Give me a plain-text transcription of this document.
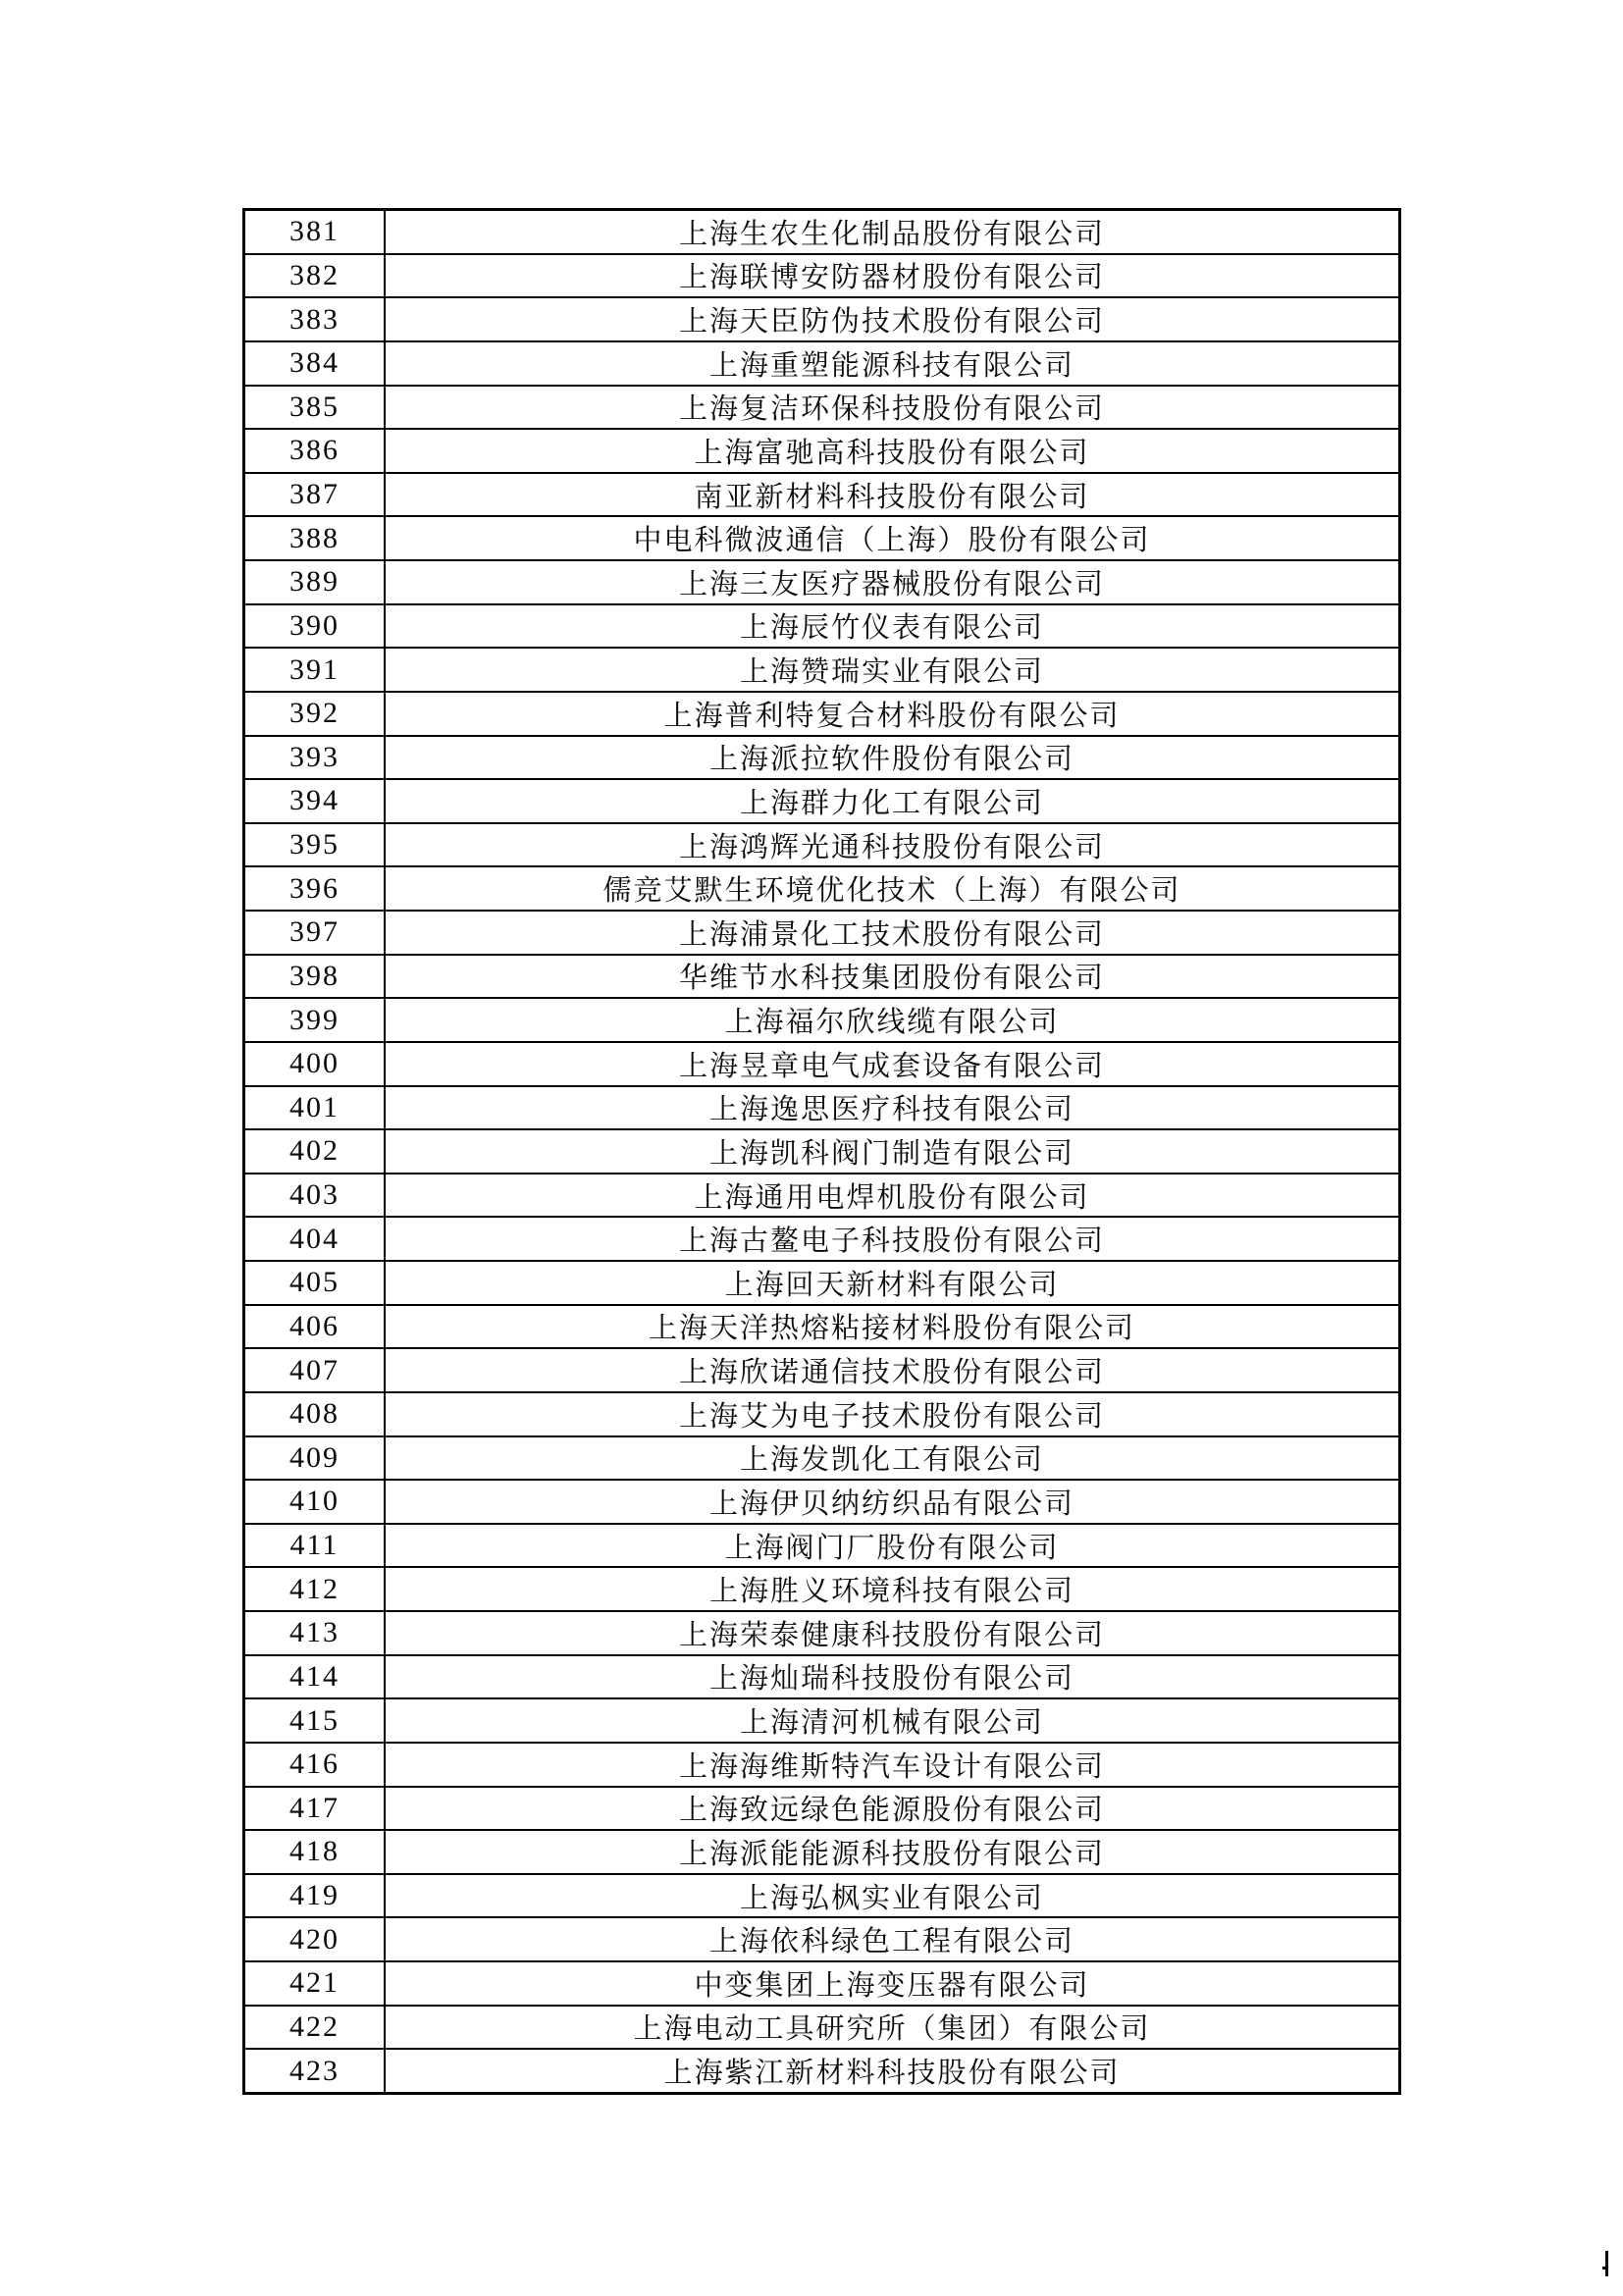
381	上海生农生化制品股份有限公司
382	上海联博安防器材股份有限公司
383	上海天臣防伪技术股份有限公司
384	上海重塑能源科技有限公司
385	上海复洁环保科技股份有限公司
386	上海富驰高科技股份有限公司
387	南亚新材料科技股份有限公司
388	中电科微波通信（上海）股份有限公司
389	上海三友医疗器械股份有限公司
390	上海辰竹仪表有限公司
391	上海赞瑞实业有限公司
392	上海普利特复合材料股份有限公司
393	上海派拉软件股份有限公司
394	上海群力化工有限公司
395	上海鸿辉光通科技股份有限公司
396	儒竞艾默生环境优化技术（上海）有限公司
397	上海浦景化工技术股份有限公司
398	华维节水科技集团股份有限公司
399	上海福尔欣线缆有限公司
400	上海昱章电气成套设备有限公司
401	上海逸思医疗科技有限公司
402	上海凯科阀门制造有限公司
403	上海通用电焊机股份有限公司
404	上海古鳌电子科技股份有限公司
405	上海回天新材料有限公司
406	上海天洋热熔粘接材料股份有限公司
407	上海欣诺通信技术股份有限公司
408	上海艾为电子技术股份有限公司
409	上海发凯化工有限公司
410	上海伊贝纳纺织品有限公司
411	上海阀门厂股份有限公司
412	上海胜义环境科技有限公司
413	上海荣泰健康科技股份有限公司
414	上海灿瑞科技股份有限公司
415	上海清河机械有限公司
416	上海海维斯特汽车设计有限公司
417	上海致远绿色能源股份有限公司
418	上海派能能源科技股份有限公司
419	上海弘枫实业有限公司
420	上海依科绿色工程有限公司
421	中变集团上海变压器有限公司
422	上海电动工具研究所（集团）有限公司
423	上海紫江新材料科技股份有限公司
